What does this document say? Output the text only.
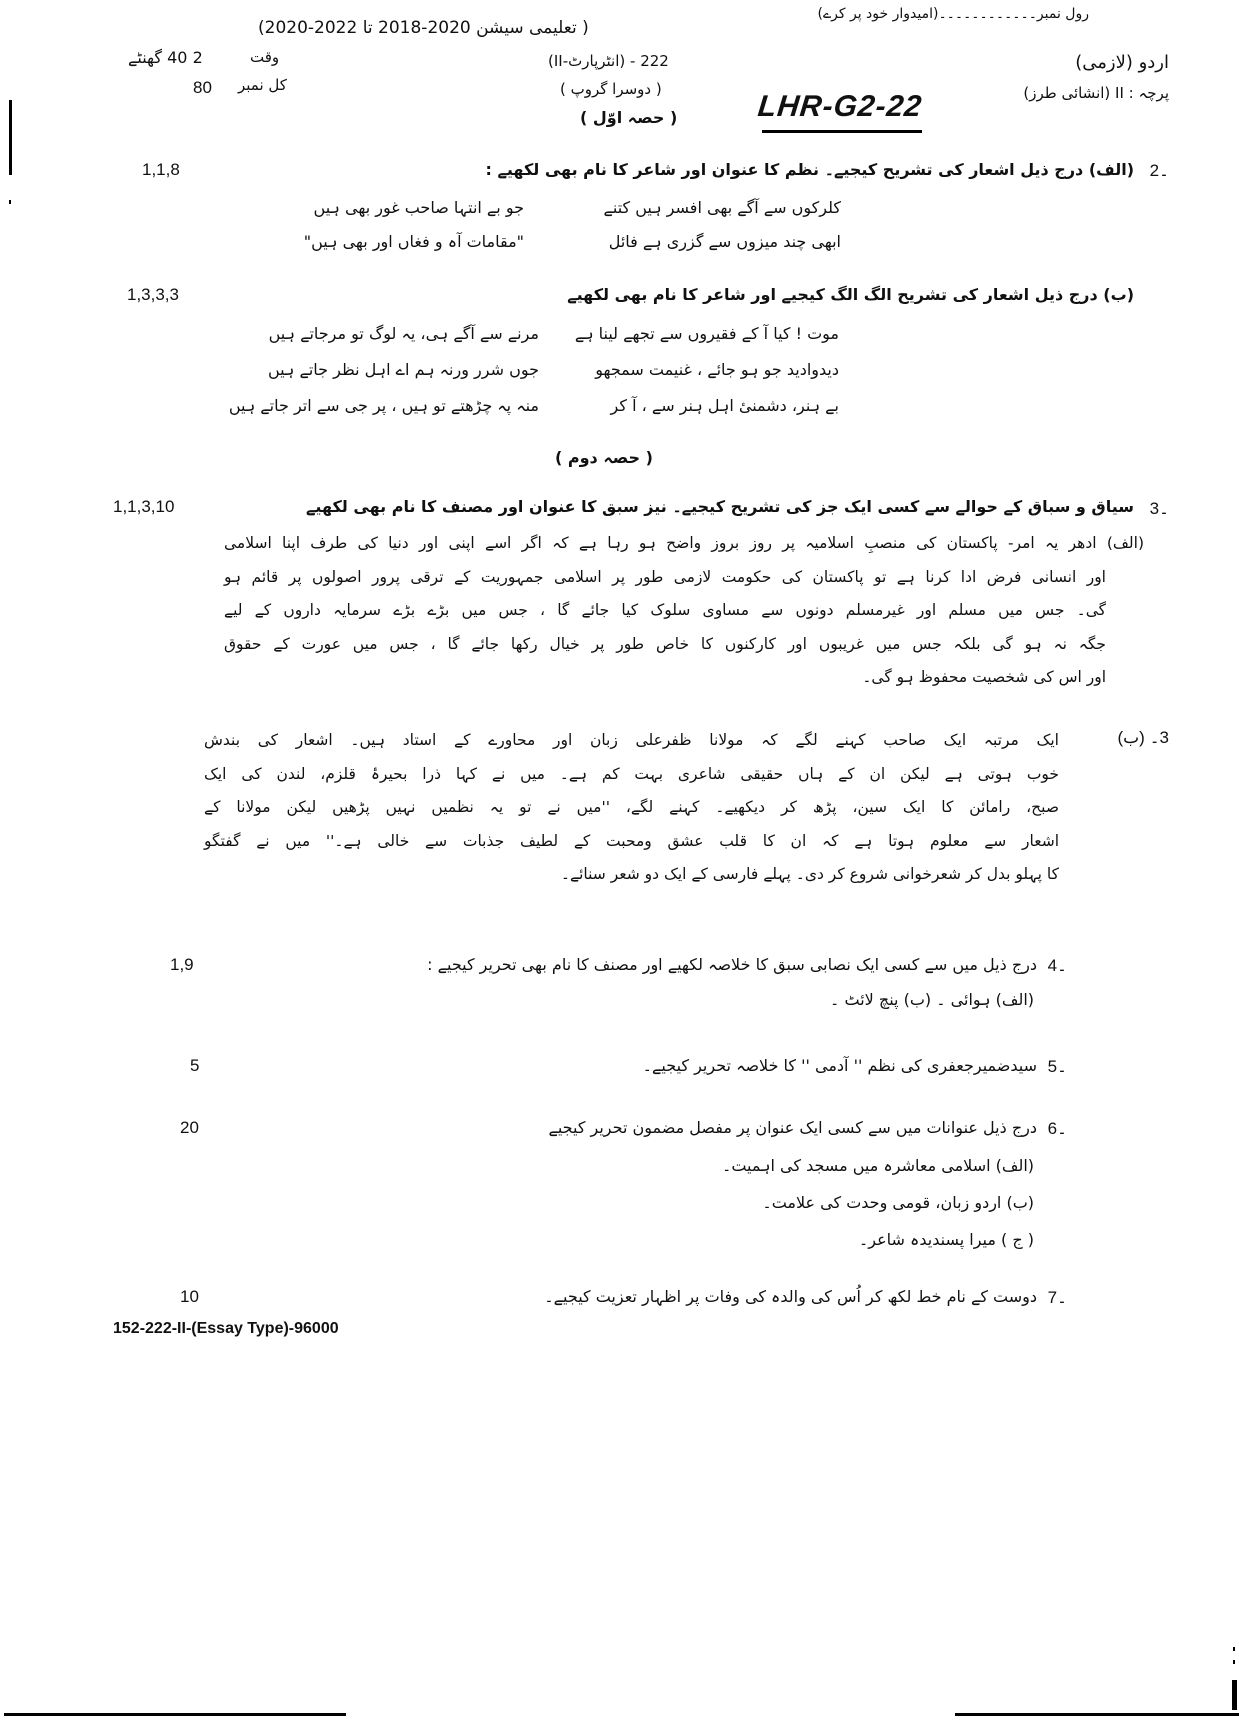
رول نمبر۔۔۔۔۔۔۔۔۔۔۔۔(امیدوار خود پر کرے)
( تعلیمی سیشن 2020-2018 تا 2022-2020)
اردو (لازمی)
پرچہ : II (انشائی طرز)
222 - (انٹرپارٹ-II)
( دوسرا گروپ )
( حصہ اوّل )
وقت
2 40 گھنٹے
کل نمبر
80
LHR-G2-22
1,1,8	2۔
(الف) درج ذیل اشعار کی تشریح کیجیے۔ نظم کا عنوان اور شاعر کا نام بھی لکھیے :
کلرکوں سے آگے بھی افسر ہیں کتنے
جو بے انتہا صاحب غور بھی ہیں
ابھی چند میزوں سے گزری ہے فائل
"مقامات آہ و فغاں اور بھی ہیں"
1,3,3,3	(ب) درج ذیل اشعار کی تشریح الگ الگ کیجیے اور شاعر کا نام بھی لکھیے
موت ! کیا آ کے فقیروں سے تجھے لینا ہے
مرنے سے آگے ہی، یہ لوگ تو مرجاتے ہیں
دیدوادید جو ہو جائے ، غنیمت سمجھو
جوں شرر ورنہ ہم اے اہل نظر جاتے ہیں
بے ہنر، دشمنیٔ اہل ہنر سے ، آ کر
منہ پہ چڑھتے تو ہیں ، پر جی سے اتر جاتے ہیں
( حصہ دوم )
1,1,3,10	3۔
سیاق و سباق کے حوالے سے کسی ایک جز کی تشریح کیجیے۔ نیز سبق کا عنوان اور مصنف کا نام بھی لکھیے
(الف) ادھر یہ امر- پاکستان کی منصبِ اسلامیہ پر روز بروز واضح ہو رہا ہے کہ اگر اسے اپنی اور دنیا کی طرف اپنا اسلامی
اور انسانی فرض ادا کرنا ہے تو پاکستان کی حکومت لازمی طور پر اسلامی جمہوریت کے ترقی پرور اصولوں پر قائم ہو
گی۔ جس میں مسلم اور غیرمسلم دونوں سے مساوی سلوک کیا جائے گا ، جس میں بڑے بڑے سرمایہ داروں کے لیے
جگہ نہ ہو گی بلکہ جس میں غریبوں اور کارکنوں کا خاص طور پر خیال رکھا جائے گا ، جس میں عورت کے حقوق
اور اس کی شخصیت محفوظ ہو گی۔
3۔ (ب)
ایک مرتبہ ایک صاحب کہنے لگے کہ مولانا ظفرعلی زبان اور محاورے کے استاد ہیں۔ اشعار کی بندش
خوب ہوتی ہے لیکن ان کے ہاں حقیقی شاعری بہت کم ہے۔ میں نے کہا ذرا بحیرۂ قلزم، لندن کی ایک
صبح، رامائن کا ایک سین، پڑھ کر دیکھیے۔ کہنے لگے، ''میں نے تو یہ نظمیں نہیں پڑھیں لیکن مولانا کے
اشعار سے معلوم ہوتا ہے کہ ان کا قلب عشق ومحبت کے لطیف جذبات سے خالی ہے۔'' میں نے گفتگو
کا پہلو بدل کر شعرخوانی شروع کر دی۔ پہلے فارسی کے ایک دو شعر سنائے۔
1,9	4۔
درج ذیل میں سے کسی ایک نصابی سبق کا خلاصہ لکھیے اور مصنف کا نام بھی تحریر کیجیے :
(الف) ہوائی ۔ (ب) پنچ لائٹ ۔
5	5۔
سیدضمیرجعفری کی نظم '' آدمی '' کا خلاصہ تحریر کیجیے۔
20	6۔
درج ذیل عنوانات میں سے کسی ایک عنوان پر مفصل مضمون تحریر کیجیے
(الف) اسلامی معاشرہ میں مسجد کی اہمیت۔
(ب) اردو زبان، قومی وحدت کی علامت۔
( ج ) میرا پسندیدہ شاعر۔
10	7۔
دوست کے نام خط لکھ کر اُس کی والدہ کی وفات پر اظہار تعزیت کیجیے۔
152-222-II-(Essay Type)-96000
